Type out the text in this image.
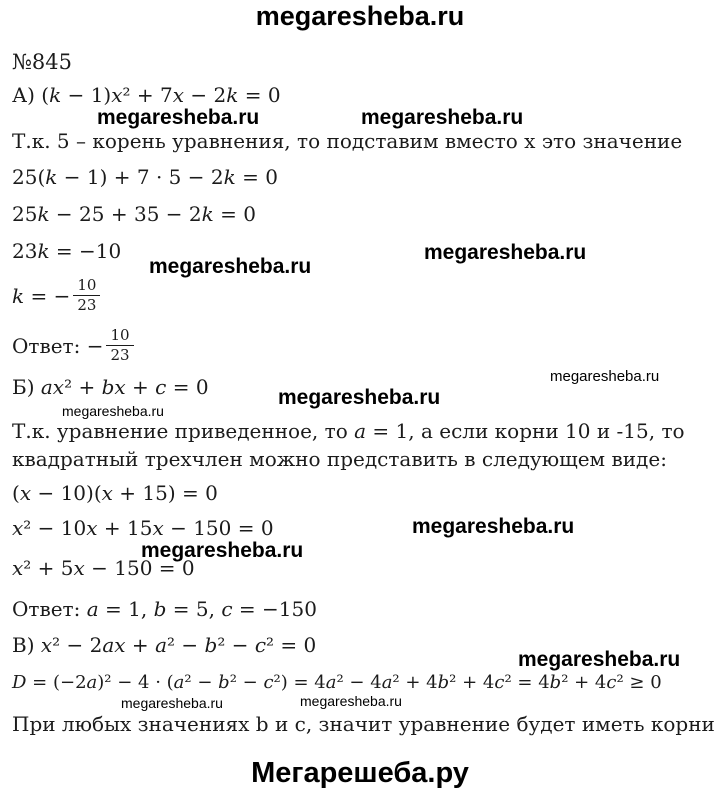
megaresheba.ru
№845
А) (k − 1)x² + 7x − 2k = 0
Т.к. 5 – корень уравнения, то подставим вместо х это значение
25(k − 1) + 7 · 5 − 2k = 0
25k − 25 + 35 − 2k = 0
23k = −10
k = − $\frac{10}{23}$
Ответ: − $\frac{10}{23}$
Б) ax² + bx + c = 0
Т.к. уравнение приведенное, то a = 1, а если корни 10 и -15, то
квадратный трехчлен можно представить в следующем виде:
(x − 10)(x + 15) = 0
x² − 10x + 15x − 150 = 0
x² + 5x − 150 = 0
Ответ: a = 1, b = 5, c = −150
В) x² − 2ax + a² − b² − c² = 0
D = (−2a)² − 4 · (a² − b² − c²) = 4a² − 4a² + 4b² + 4c² = 4b² + 4c² ≥ 0
При любых значениях b и c, значит уравнение будет иметь корни
megaresheba.ru	megaresheba.ru
megaresheba.ru
megaresheba.ru
megaresheba.ru
megaresheba.ru
megaresheba.ru
megaresheba.ru
megaresheba.ru
megaresheba.ru
megaresheba.ru	megaresheba.ru
Мегарешеба.ру
